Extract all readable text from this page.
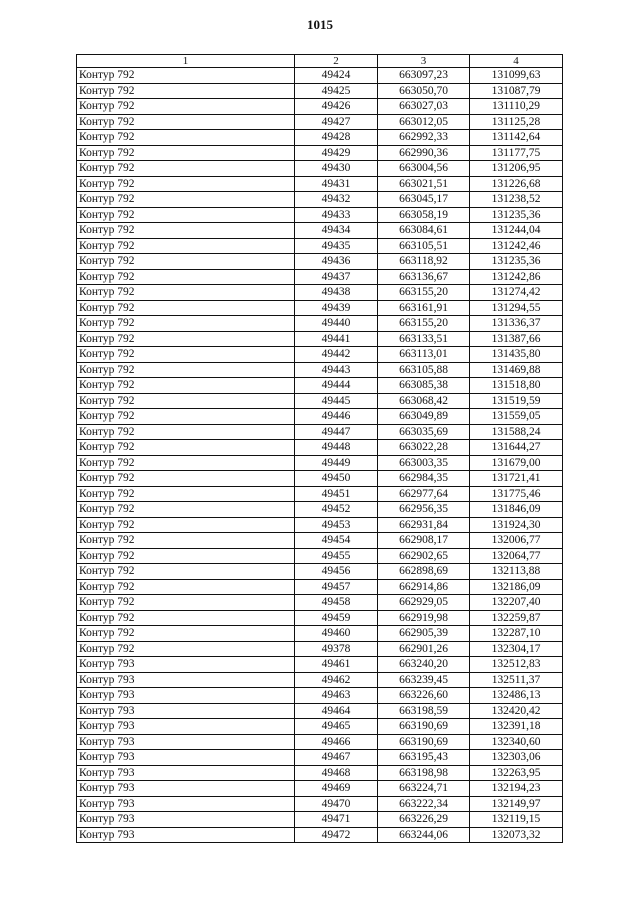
1015
1	2	3	4
Контур 792	49424	663097,23	131099,63
Контур 792	49425	663050,70	131087,79
Контур 792	49426	663027,03	131110,29
Контур 792	49427	663012,05	131125,28
Контур 792	49428	662992,33	131142,64
Контур 792	49429	662990,36	131177,75
Контур 792	49430	663004,56	131206,95
Контур 792	49431	663021,51	131226,68
Контур 792	49432	663045,17	131238,52
Контур 792	49433	663058,19	131235,36
Контур 792	49434	663084,61	131244,04
Контур 792	49435	663105,51	131242,46
Контур 792	49436	663118,92	131235,36
Контур 792	49437	663136,67	131242,86
Контур 792	49438	663155,20	131274,42
Контур 792	49439	663161,91	131294,55
Контур 792	49440	663155,20	131336,37
Контур 792	49441	663133,51	131387,66
Контур 792	49442	663113,01	131435,80
Контур 792	49443	663105,88	131469,88
Контур 792	49444	663085,38	131518,80
Контур 792	49445	663068,42	131519,59
Контур 792	49446	663049,89	131559,05
Контур 792	49447	663035,69	131588,24
Контур 792	49448	663022,28	131644,27
Контур 792	49449	663003,35	131679,00
Контур 792	49450	662984,35	131721,41
Контур 792	49451	662977,64	131775,46
Контур 792	49452	662956,35	131846,09
Контур 792	49453	662931,84	131924,30
Контур 792	49454	662908,17	132006,77
Контур 792	49455	662902,65	132064,77
Контур 792	49456	662898,69	132113,88
Контур 792	49457	662914,86	132186,09
Контур 792	49458	662929,05	132207,40
Контур 792	49459	662919,98	132259,87
Контур 792	49460	662905,39	132287,10
Контур 792	49378	662901,26	132304,17
Контур 793	49461	663240,20	132512,83
Контур 793	49462	663239,45	132511,37
Контур 793	49463	663226,60	132486,13
Контур 793	49464	663198,59	132420,42
Контур 793	49465	663190,69	132391,18
Контур 793	49466	663190,69	132340,60
Контур 793	49467	663195,43	132303,06
Контур 793	49468	663198,98	132263,95
Контур 793	49469	663224,71	132194,23
Контур 793	49470	663222,34	132149,97
Контур 793	49471	663226,29	132119,15
Контур 793	49472	663244,06	132073,32
